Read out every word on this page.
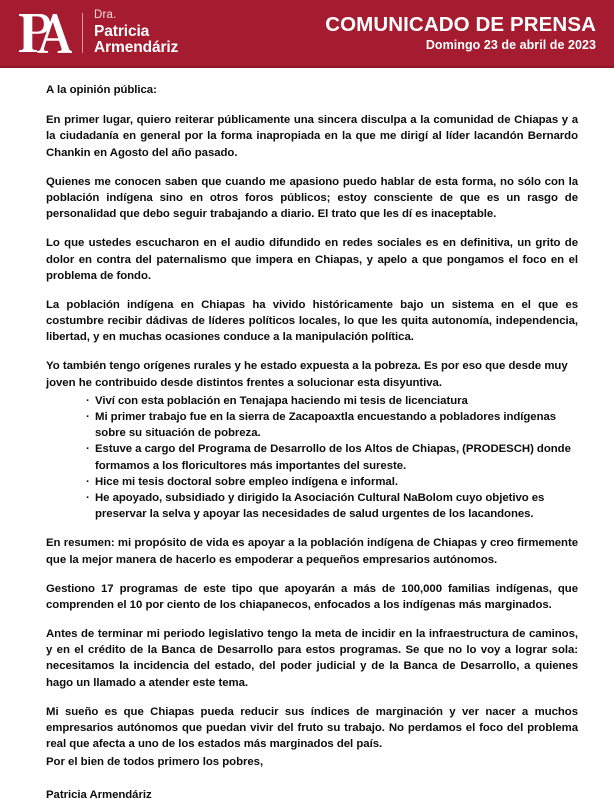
Dra.
Patricia
Armendáriz
COMUNICADO DE PRENSA
Domingo 23 de abril de 2023

A la opinión pública:

En primer lugar, quiero reiterar públicamente una sincera disculpa a la comunidad de Chiapas y a la ciudadanía en general por la forma inapropiada en la que me dirigí al líder lacandón Bernardo Chankin en Agosto del año pasado.

Quienes me conocen saben que cuando me apasiono puedo hablar de esta forma, no sólo con la población indígena sino en otros foros públicos; estoy consciente de que es un rasgo de personalidad que debo seguir trabajando a diario. El trato que les dí es inaceptable.

Lo que ustedes escucharon en el audio difundido en redes sociales es en definitiva, un grito de dolor en contra del paternalismo que impera en Chiapas, y apelo a que pongamos el foco en el problema de fondo.

La población indígena en Chiapas ha vivido históricamente bajo un sistema en el que es costumbre recibir dádivas de líderes políticos locales, lo que les quita autonomía, independencia, libertad, y en muchas ocasiones conduce a la manipulación política.

Yo también tengo orígenes rurales y he estado expuesta a la pobreza. Es por eso que desde muy joven he contribuido desde distintos frentes a solucionar esta disyuntiva.

· Viví con esta población en Tenajapa haciendo mi tesis de licenciatura
· Mi primer trabajo fue en la sierra de Zacapoaxtla encuestando a pobladores indígenas sobre su situación de pobreza.
· Estuve a cargo del Programa de Desarrollo de los Altos de Chiapas, (PRODESCH) donde formamos a los floricultores más importantes del sureste.
· Hice mi tesis doctoral sobre empleo indígena e informal.
· He apoyado, subsidiado y dirigido la Asociación Cultural NaBolom cuyo objetivo es preservar la selva y apoyar las necesidades de salud urgentes de los lacandones.

En resumen: mi propósito de vida es apoyar a la población indígena de Chiapas y creo firmemente que la mejor manera de hacerlo es empoderar a pequeños empresarios autónomos.

Gestiono 17 programas de este tipo que apoyarán a más de 100,000 familias indígenas, que comprenden el 10 por ciento de los chiapanecos, enfocados a los indígenas más marginados.

Antes de terminar mi periodo legislativo tengo la meta de incidir en la infraestructura de caminos, y en el crédito de la Banca de Desarrollo para estos programas. Se que no lo voy a lograr sola: necesitamos la incidencia del estado, del poder judicial y de la Banca de Desarrollo, a quienes hago un llamado a atender este tema.

Mi sueño es que Chiapas pueda reducir sus índices de marginación y ver nacer a muchos empresarios autónomos que puedan vivir del fruto su trabajo. No perdamos el foco del problema real que afecta a uno de los estados más marginados del país.

Por el bien de todos primero los pobres,

Patricia Armendáriz
